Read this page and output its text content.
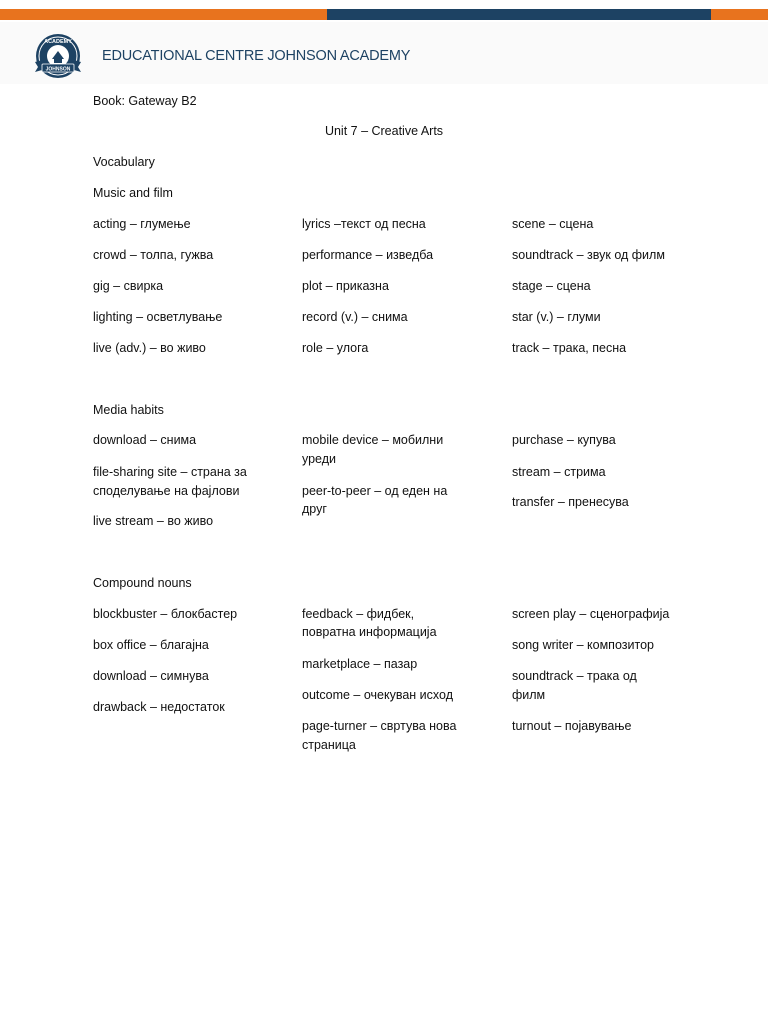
ACADEMY
JOHNSON
EDUCATIONAL CENTRE JOHNSON ACADEMY
Book: Gateway B2
Unit 7 – Creative Arts
Vocabulary
Music and film
acting – глумење
crowd – толпа, гужва
gig – свирка
lighting – осветлување
live (adv.) – во живо
lyrics –текст од песна
performance – изведба
plot – приказна
record (v.) – снима
role – улога
scene – сцена
soundtrack – звук од филм
stage – сцена
star (v.) – глуми
track – трака, песна
Media habits
download – снима
file-sharing site – страна за
споделување на фајлови
live stream – во живо
mobile device – мобилни
уреди
peer-to-peer – од еден на
друг
purchase – купува
stream – стрима
transfer – пренесува
Compound nouns
blockbuster – блокбастер
box office – благајна
download – симнува
drawback – недостаток
feedback – фидбек,
повратна информација
marketplace – пазар
outcome – очекуван исход
page-turner – свртува нова
страница
screen play – сценографија
song writer – композитор
soundtrack – трака од
филм
turnout – појавување
